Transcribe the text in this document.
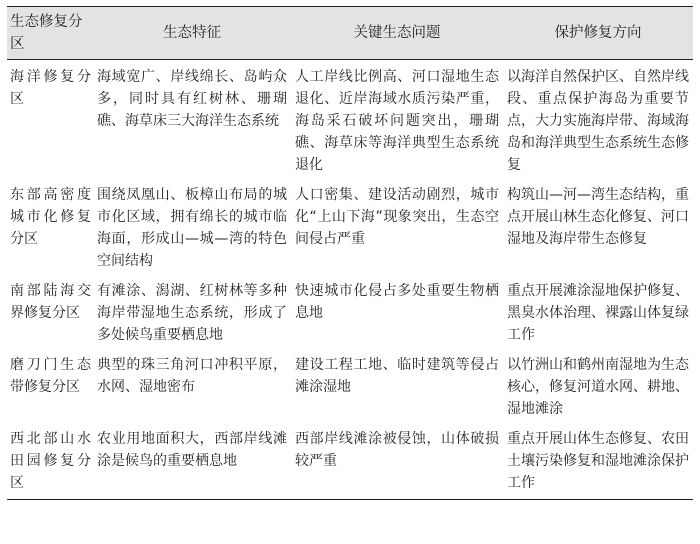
生态修复分区	生态特征	关键生态问题	保护修复方向
海洋修复分区	海域宽广、岸线绵长、岛屿众多，同时具有红树林、珊瑚礁、海草床三大海洋生态系统	人工岸线比例高、河口湿地生态退化、近岸海域水质污染严重，海岛采石破坏问题突出，珊瑚礁、海草床等海洋典型生态系统退化	以海洋自然保护区、自然岸线段、重点保护海岛为重要节点，大力实施海岸带、海域海岛和海洋典型生态系统生态修复
东部高密度城市化修复分区	围绕凤凰山、板樟山布局的城市化区域，拥有绵长的城市临海面，形成山—城—湾的特色空间结构	人口密集、建设活动剧烈，城市化“上山下海”现象突出，生态空间侵占严重	构筑山—河—湾生态结构，重点开展山林生态化修复、河口湿地及海岸带生态修复
南部陆海交界修复分区	有滩涂、潟湖、红树林等多种海岸带湿地生态系统，形成了多处候鸟重要栖息地	快速城市化侵占多处重要生物栖息地	重点开展滩涂湿地保护修复、黑臭水体治理、裸露山体复绿工作
磨刀门生态带修复分区	典型的珠三角河口冲积平原，水网、湿地密布	建设工程工地、临时建筑等侵占滩涂湿地	以竹洲山和鹤州南湿地为生态核心，修复河道水网、耕地、湿地滩涂
西北部山水田园修复分区	农业用地面积大，西部岸线滩涂是候鸟的重要栖息地	西部岸线滩涂被侵蚀，山体破损较严重	重点开展山体生态修复、农田土壤污染修复和湿地滩涂保护工作
